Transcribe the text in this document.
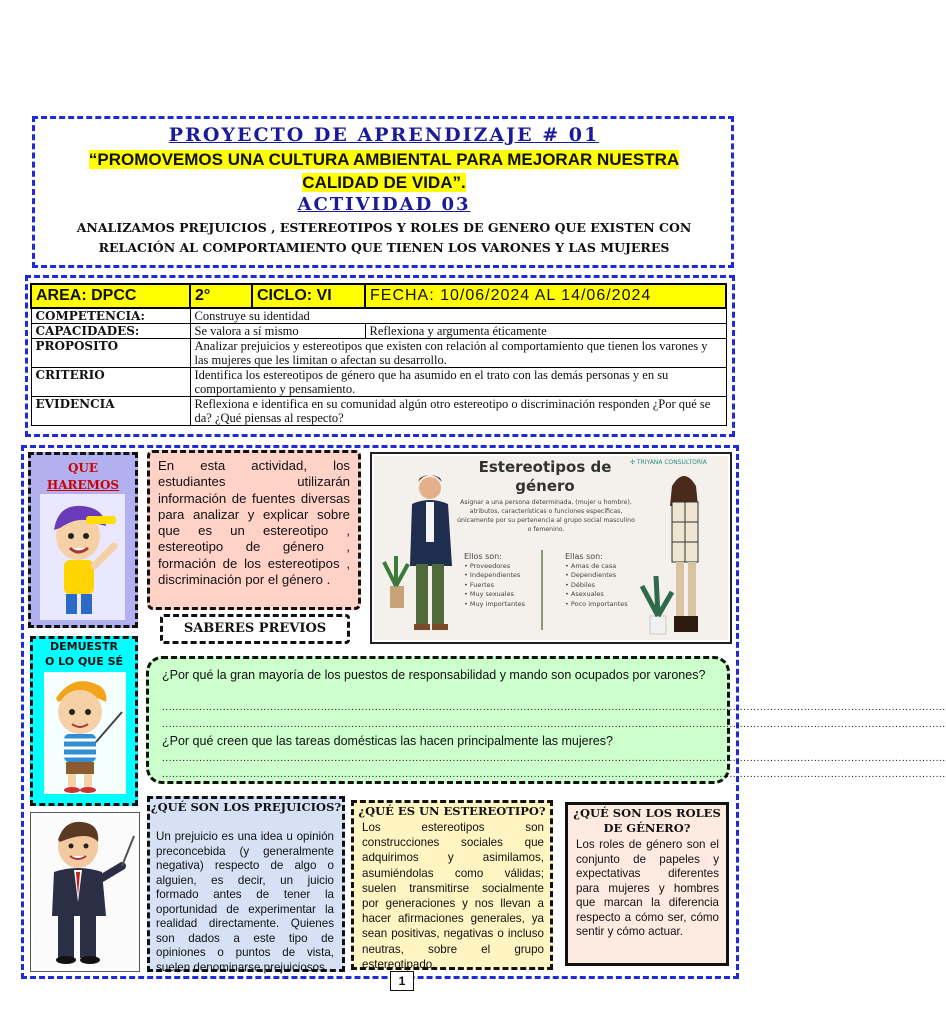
PROYECTO DE APRENDIZAJE # 01
“PROMOVEMOS UNA CULTURA AMBIENTAL PARA MEJORAR NUESTRA
CALIDAD DE VIDA”.
ACTIVIDAD 03
ANALIZAMOS PREJUICIOS , ESTEREOTIPOS Y ROLES DE GENERO QUE EXISTEN CON
RELACIÓN AL COMPORTAMIENTO QUE TIENEN LOS VARONES Y LAS MUJERES
AREA: DPCC	2°	CICLO: VI	FECHA: 10/06/2024 AL 14/06/2024
COMPETENCIA:	Construye su identidad		
CAPACIDADES:	Se valora a sí mismo		Reflexiona y argumenta éticamente
PROPOSITO	Analizar prejuicios y estereotipos que existen con relación al comportamiento que tienen los varones y las mujeres que les limitan o afectan su desarrollo.		
CRITERIO	Identifica los estereotipos de género que ha asumido en el trato con las demás personas y en su comportamiento y pensamiento.		
EVIDENCIA	Reflexiona e identifica en su comunidad algún otro estereotipo o discriminación responden ¿Por qué se da? ¿Qué piensas al respecto?		
QUE
HAREMOS
En esta actividad, los estudiantes utilizarán información de fuentes diversas para analizar y explicar sobre que es un estereotipo , estereotipo de género , formación de los estereotipos , discriminación por el género .
Estereotipos de
género
✣ TRIYANA CONSULTORÍA
Asignar a una persona determinada, (mujer u hombre), atributos, características o funciones específicas, únicamente por su pertenencia al grupo social masculino o femenino.
Ellos son:
• Proveedores
• Independientes
• Fuertes
• Muy sexuales
• Muy importantes
Ellas son:
• Amas de casa
• Dependientes
• Débiles
• Asexuales
• Poco importantes
SABERES PREVIOS
DEMUESTR
O LO QUE SÉ
¿Por qué la gran mayoría de los puestos de responsabilidad y mando son ocupados por varones?
........................................................................................................................................................................................................................................
........................................................................................................................................................................................................................................
¿Por qué creen que las tareas domésticas las hacen principalmente las mujeres?
........................................................................................................................................................................................................................................
........................................................................................................................................................................................................................................
¿QUÉ SON LOS PREJUICIOS?
Un prejuicio es una idea u opinión preconcebida (y generalmente negativa) respecto de algo o alguien, es decir, un juicio formado antes de tener la oportunidad de experimentar la realidad directamente. Quienes son dados a este tipo de opiniones o puntos de vista, suelen denominarse prejuiciosos.
¿QUÉ ES UN ESTEREOTIPO?
Los estereotipos son construcciones sociales que adquirimos y asimilamos, asumiéndolas como válidas; suelen transmitirse socialmente por generaciones y nos llevan a hacer afirmaciones generales, ya sean positivas, negativas o incluso neutras, sobre el grupo estereotipado.
¿QUÉ SON LOS ROLES DE GÉNERO?
Los roles de género son el conjunto de papeles y expectativas diferentes para mujeres y hombres que marcan la diferencia respecto a cómo ser, cómo sentir y cómo actuar.
1
